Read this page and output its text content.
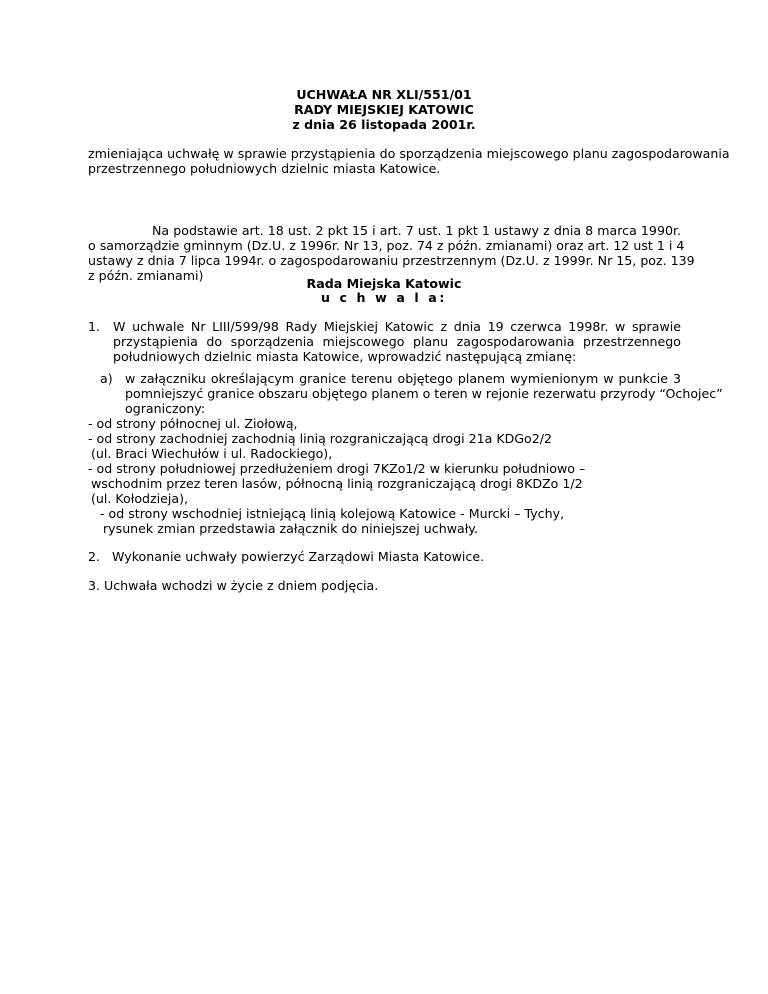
UCHWAŁA NR XLI/551/01
RADY MIEJSKIEJ KATOWIC
z dnia 26 listopada 2001r.
zmieniająca uchwałę w sprawie przystąpienia do sporządzenia miejscowego planu zagospodarowania
przestrzennego południowych dzielnic miasta Katowice.
Na podstawie art. 18 ust. 2 pkt 15 i art. 7 ust. 1 pkt 1 ustawy z dnia 8 marca 1990r.
o samorządzie gminnym (Dz.U. z 1996r. Nr 13, poz. 74 z późn. zmianami) oraz art. 12 ust 1 i 4
ustawy z dnia 7 lipca 1994r. o zagospodarowaniu przestrzennym (Dz.U. z 1999r. Nr 15, poz. 139
z późn. zmianami)
Rada Miejska Katowic
u c h w a l a:
1. W uchwale Nr LIII/599/98 Rady Miejskiej Katowic z dnia 19 czerwca 1998r. w sprawie
przystąpienia do sporządzenia miejscowego planu zagospodarowania przestrzennego
południowych dzielnic miasta Katowice, wprowadzić następującą zmianę:
a) w załączniku określającym granice terenu objętego planem wymienionym w punkcie 3
pomniejszyć granice obszaru objętego planem o teren w rejonie rezerwatu przyrody “Ochojec”
ograniczony:
- od strony północnej ul. Ziołową,
- od strony zachodniej zachodnią linią rozgraniczającą drogi 21a KDGo2/2
(ul. Braci Wiechułów i ul. Radockiego),
- od strony południowej przedłużeniem drogi 7KZo1/2 w kierunku południowo –
wschodnim przez teren lasów, północną linią rozgraniczającą drogi 8KDZo 1/2
(ul. Kołodzieja),
- od strony wschodniej istniejącą linią kolejową Katowice - Murcki – Tychy,
rysunek zmian przedstawia załącznik do niniejszej uchwały.
2.   Wykonanie uchwały powierzyć Zarządowi Miasta Katowice.
3. Uchwała wchodzi w życie z dniem podjęcia.
